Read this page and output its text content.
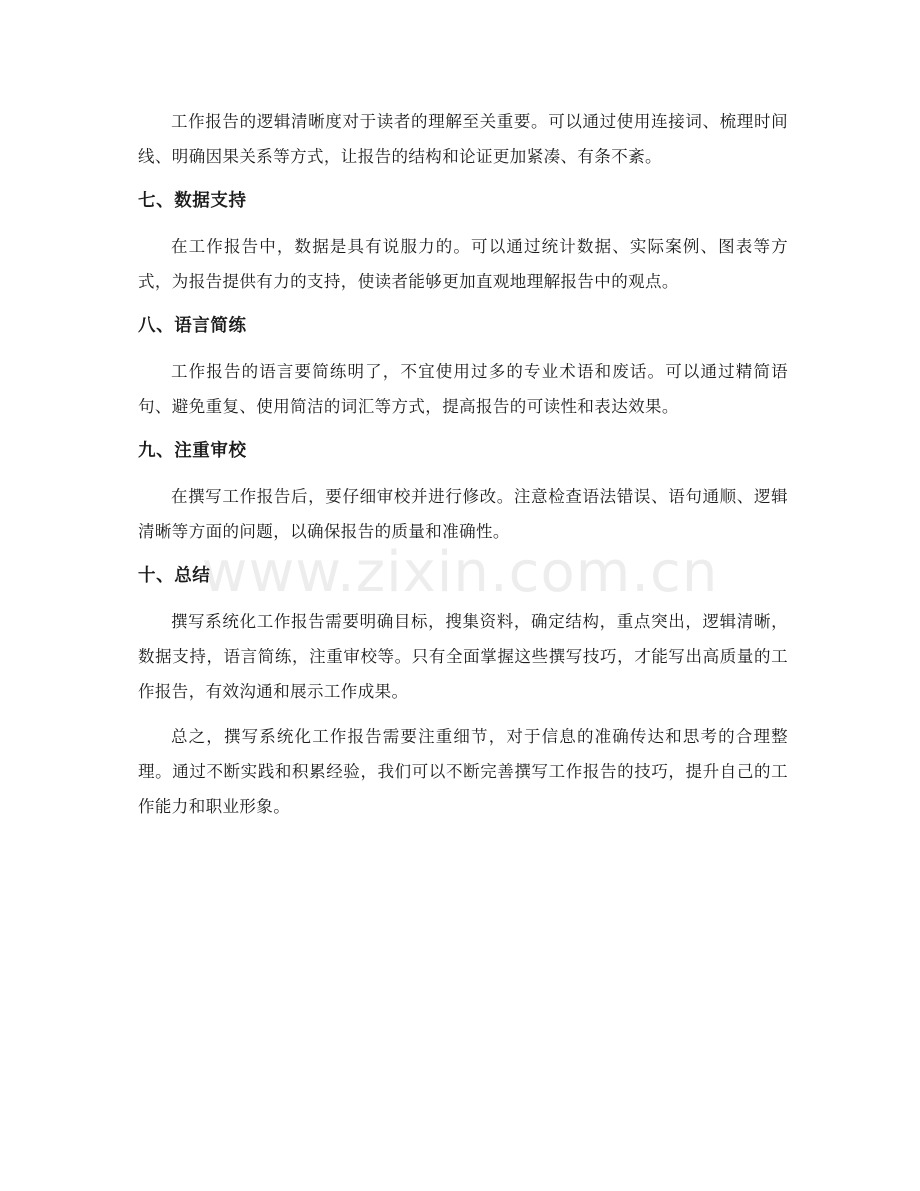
工作报告的逻辑清晰度对于读者的理解至关重要。可以通过使用连接词、梳理时间线、明确因果关系等方式，让报告的结构和论证更加紧凑、有条不紊。

七、数据支持

在工作报告中，数据是具有说服力的。可以通过统计数据、实际案例、图表等方式，为报告提供有力的支持，使读者能够更加直观地理解报告中的观点。

八、语言简练

工作报告的语言要简练明了，不宜使用过多的专业术语和废话。可以通过精简语句、避免重复、使用简洁的词汇等方式，提高报告的可读性和表达效果。

九、注重审校

在撰写工作报告后，要仔细审校并进行修改。注意检查语法错误、语句通顺、逻辑清晰等方面的问题，以确保报告的质量和准确性。

十、总结

撰写系统化工作报告需要明确目标，搜集资料，确定结构，重点突出，逻辑清晰，数据支持，语言简练，注重审校等。只有全面掌握这些撰写技巧，才能写出高质量的工作报告，有效沟通和展示工作成果。

总之，撰写系统化工作报告需要注重细节，对于信息的准确传达和思考的合理整理。通过不断实践和积累经验，我们可以不断完善撰写工作报告的技巧，提升自己的工作能力和职业形象。

www.zixin.com.cn
